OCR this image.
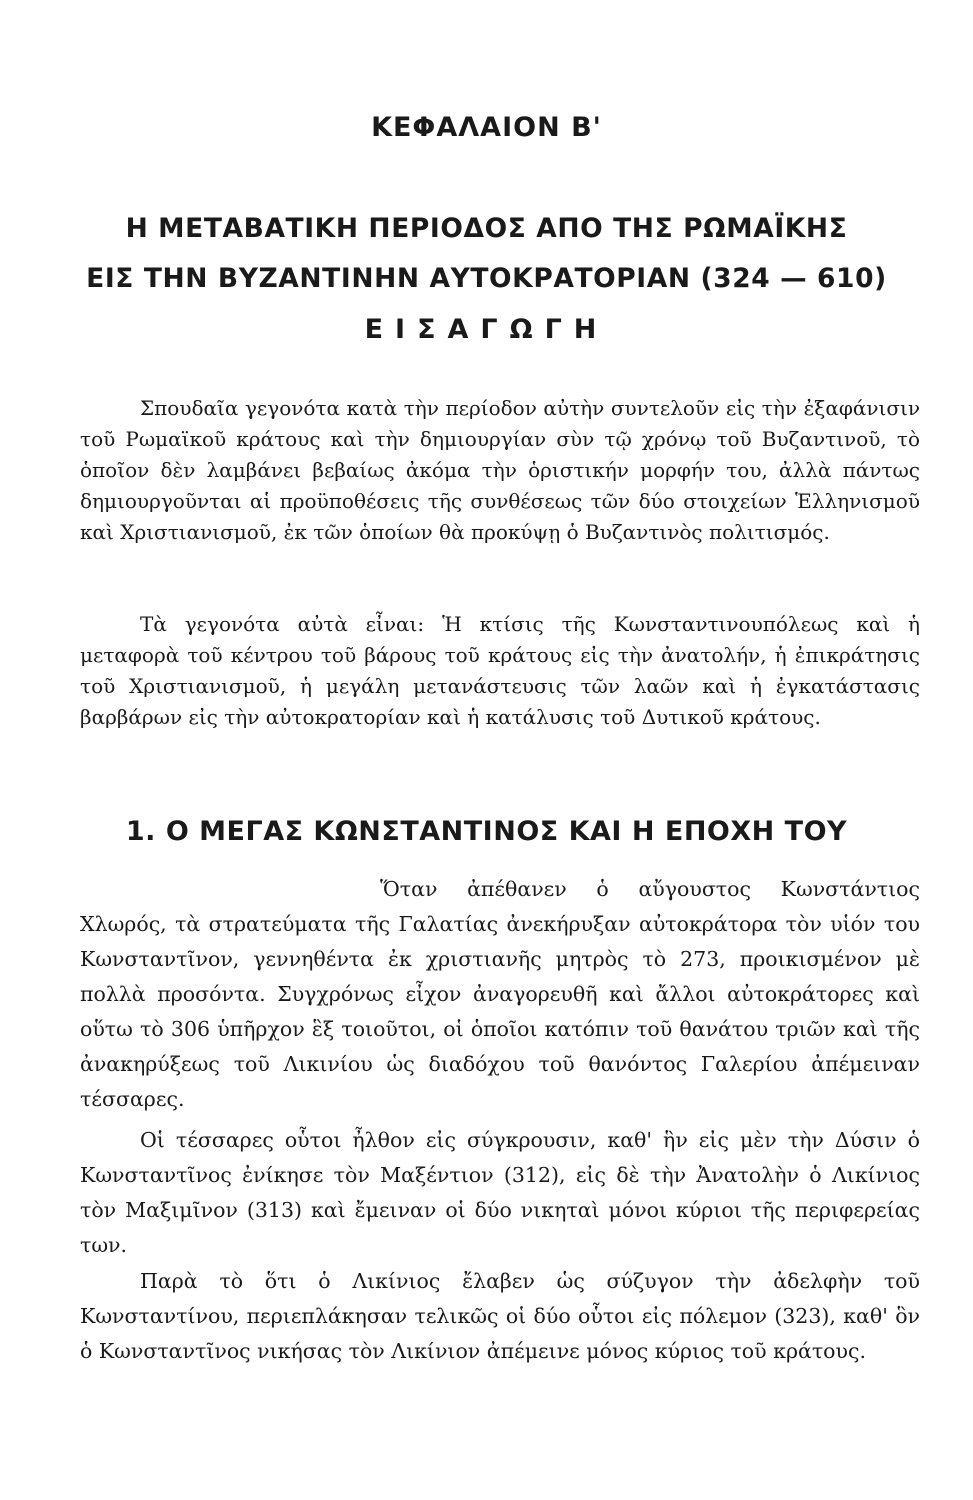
ΚΕΦΑΛΑΙΟΝ Β'
Η ΜΕΤΑΒΑΤΙΚΗ ΠΕΡΙΟΔΟΣ ΑΠΟ ΤΗΣ ΡΩΜΑΪΚΗΣ
ΕΙΣ ΤΗΝ ΒΥΖΑΝΤΙΝΗΝ ΑΥΤΟΚΡΑΤΟΡΙΑΝ (324 — 610)
ΕΙΣΑΓΩΓΗ

Σπουδαῖα γεγονότα κατὰ τὴν περίοδον αὐτὴν συντελοῦν εἰς τὴν ἐξαφάνισιν τοῦ Ρωμαϊκοῦ κράτους καὶ τὴν δημιουργίαν σὺν τῷ χρόνῳ τοῦ Βυζαντινοῦ, τὸ ὁποῖον δὲν λαμβάνει βεβαίως ἀκόμα τὴν ὁριστικήν μορφήν του, ἀλλὰ πάντως δημιουργοῦνται αἱ προϋποθέσεις τῆς συνθέσεως τῶν δύο στοιχείων Ἑλληνισμοῦ καὶ Χριστιανισμοῦ, ἐκ τῶν ὁποίων θὰ προκύψῃ ὁ Βυζαντινὸς πολιτισμός.

Τὰ γεγονότα αὐτὰ εἶναι: Ἡ κτίσις τῆς Κωνσταντινουπόλεως καὶ ἡ μεταφορὰ τοῦ κέντρου τοῦ βάρους τοῦ κράτους εἰς τὴν ἀνατολήν, ἡ ἐπικράτησις τοῦ Χριστιανισμοῦ, ἡ μεγάλη μετανάστευσις τῶν λαῶν καὶ ἡ ἐγκατάστασις βαρβάρων εἰς τὴν αὐτοκρατορίαν καὶ ἡ κατάλυσις τοῦ Δυτικοῦ κράτους.

1. Ο ΜΕΓΑΣ ΚΩΝΣΤΑΝΤΙΝΟΣ ΚΑΙ Η ΕΠΟΧΗ ΤΟΥ

Ὅταν ἀπέθανεν ὁ αὔγουστος Κωνστάντιος Χλωρός, τὰ στρατεύματα τῆς Γαλατίας ἀνεκήρυξαν αὐτοκράτορα τὸν υἱόν του Κωνσταντῖνον, γεννηθέντα ἐκ χριστιανῆς μητρὸς τὸ 273, προικισμένον μὲ πολλὰ προσόντα. Συγχρόνως εἶχον ἀναγορευθῆ καὶ ἄλλοι αὐτοκράτορες καὶ οὕτω τὸ 306 ὑπῆρχον ἓξ τοιοῦτοι, οἱ ὁποῖοι κατόπιν τοῦ θανάτου τριῶν καὶ τῆς ἀνακηρύξεως τοῦ Λικινίου ὡς διαδόχου τοῦ θανόντος Γαλερίου ἀπέμειναν τέσσαρες.

Οἱ τέσσαρες οὗτοι ἦλθον εἰς σύγκρουσιν, καθ' ἣν εἰς μὲν τὴν Δύσιν ὁ Κωνσταντῖνος ἐνίκησε τὸν Μαξέντιον (312), εἰς δὲ τὴν Ἀνατολὴν ὁ Λικίνιος τὸν Μαξιμῖνον (313) καὶ ἔμειναν οἱ δύο νικηταὶ μόνοι κύριοι τῆς περιφερείας των.

Παρὰ τὸ ὅτι ὁ Λικίνιος ἔλαβεν ὡς σύζυγον τὴν ἀδελφὴν τοῦ Κωνσταντίνου, περιεπλάκησαν τελικῶς οἱ δύο οὗτοι εἰς πόλεμον (323), καθ' ὃν ὁ Κωνσταντῖνος νικήσας τὸν Λικίνιον ἀπέμεινε μόνος κύριος τοῦ κράτους.
